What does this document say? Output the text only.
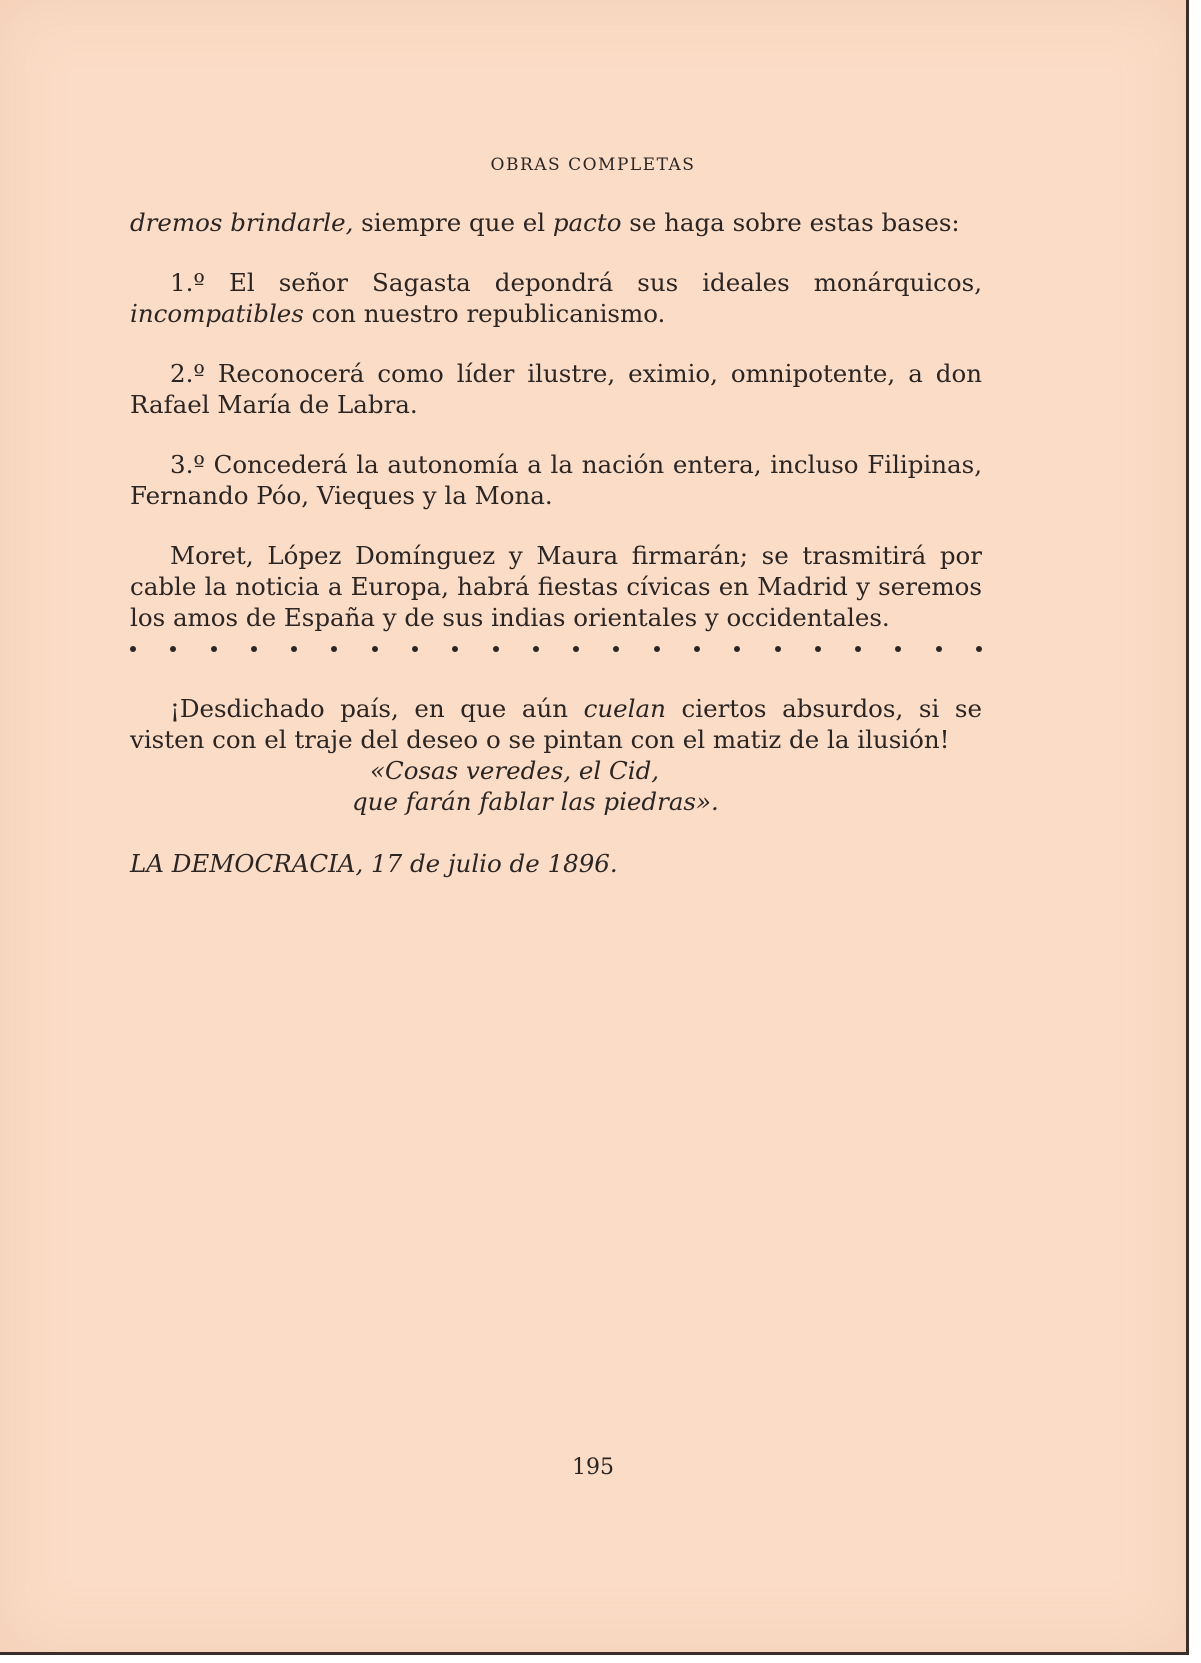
OBRAS COMPLETAS

dremos brindarle, siempre que el pacto se haga sobre estas bases:

1.º El señor Sagasta depondrá sus ideales monárquicos, incompatibles con nuestro republicanismo.

2.º Reconocerá como líder ilustre, eximio, omnipotente, a don Rafael María de Labra.

3.º Concederá la autonomía a la nación entera, incluso Filipinas, Fernando Póo, Vieques y la Mona.

Moret, López Domínguez y Maura firmarán; se trasmitirá por cable la noticia a Europa, habrá fiestas cívicas en Madrid y seremos los amos de España y de sus indias orientales y occidentales.

¡Desdichado país, en que aún cuelan ciertos absurdos, si se visten con el traje del deseo o se pintan con el matiz de la ilusión!

«Cosas veredes, el Cid,
que farán fablar las piedras».

LA DEMOCRACIA, 17 de julio de 1896.

195
